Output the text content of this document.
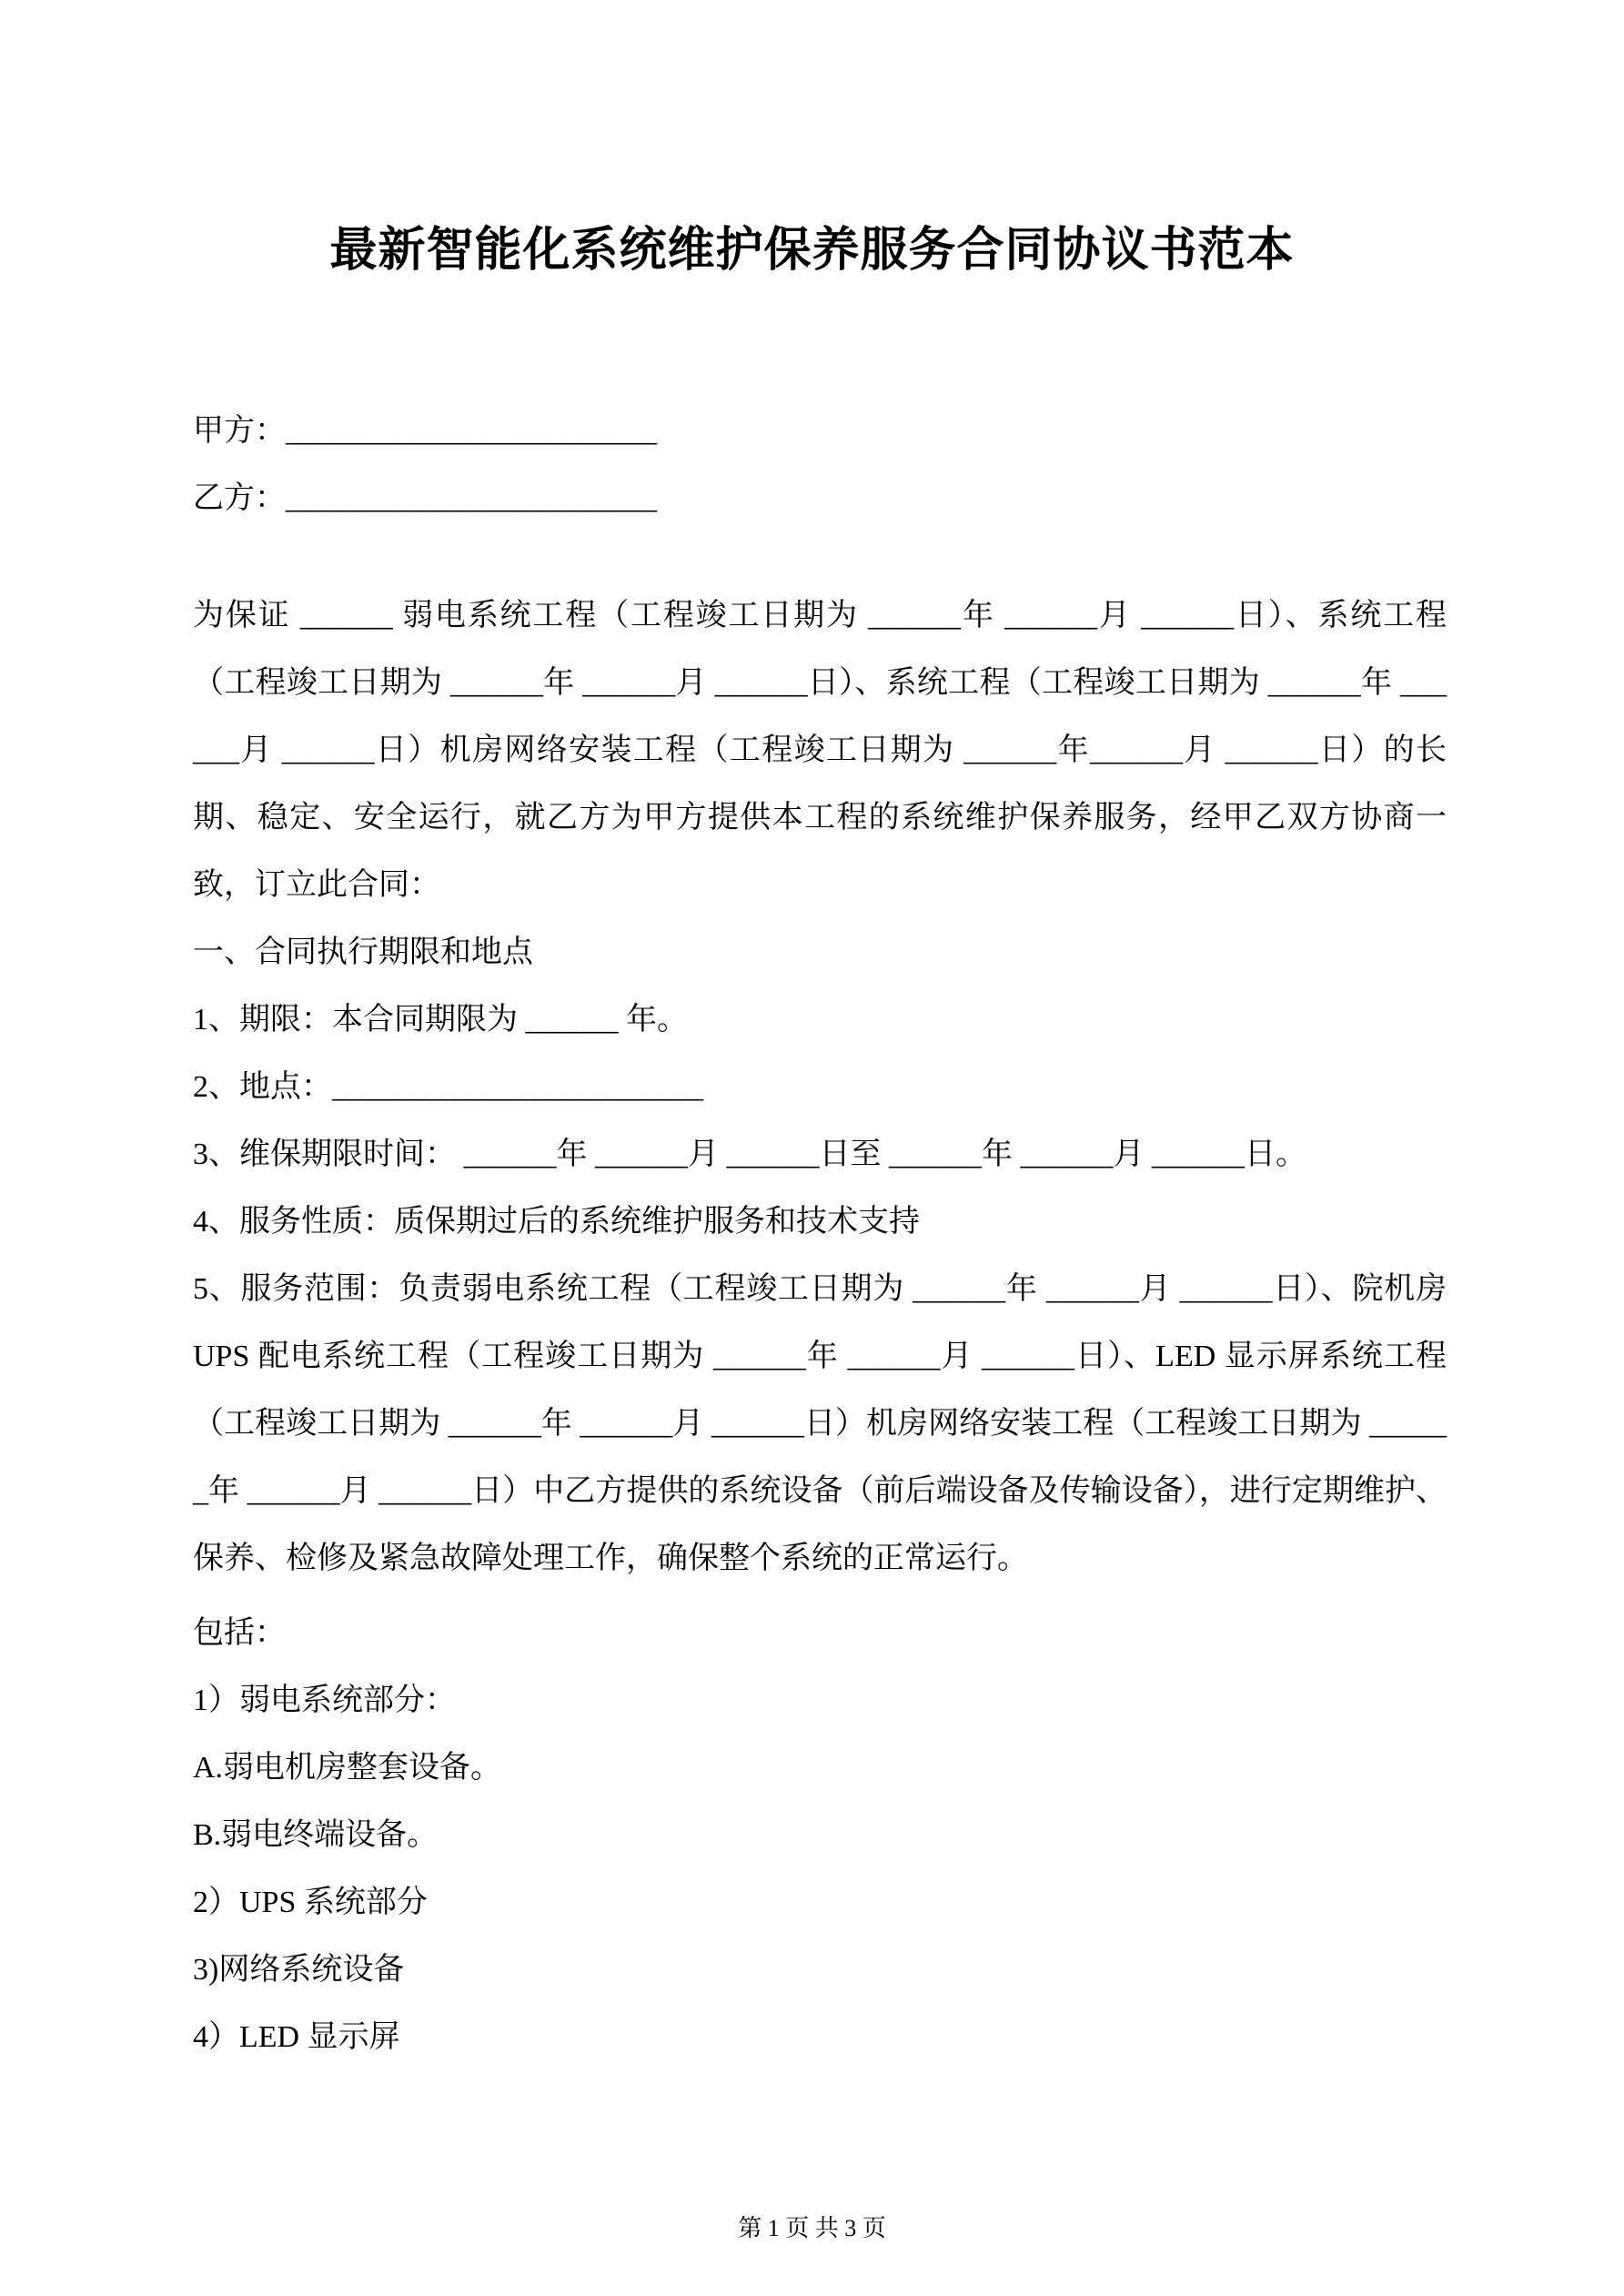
最新智能化系统维护保养服务合同协议书范本

甲方：________________________

乙方：________________________

为保证 ______ 弱电系统工程（工程竣工日期为 ______年 ______月 ______日）、系统工程（工程竣工日期为 ______年 ______月 ______日）、系统工程（工程竣工日期为 ______年 ______月 ______日）机房网络安装工程（工程竣工日期为 ______年______月 ______日）的长期、稳定、安全运行，就乙方为甲方提供本工程的系统维护保养服务，经甲乙双方协商一致，订立此合同：

一、合同执行期限和地点

1、期限：本合同期限为 ______ 年。

2、地点：________________________

3、维保期限时间： ______年 ______月 ______日至 ______年 ______月 ______日。

4、服务性质：质保期过后的系统维护服务和技术支持

5、服务范围：负责弱电系统工程（工程竣工日期为 ______年 ______月 ______日）、院机房 UPS 配电系统工程（工程竣工日期为 ______年 ______月 ______日）、LED 显示屏系统工程（工程竣工日期为 ______年 ______月 ______日）机房网络安装工程（工程竣工日期为 ______年 ______月 ______日）中乙方提供的系统设备（前后端设备及传输设备），进行定期维护、保养、检修及紧急故障处理工作，确保整个系统的正常运行。

包括：

1）弱电系统部分：

A.弱电机房整套设备。

B.弱电终端设备。

2）UPS 系统部分

3)网络系统设备

4）LED 显示屏

第 1 页 共 3 页
